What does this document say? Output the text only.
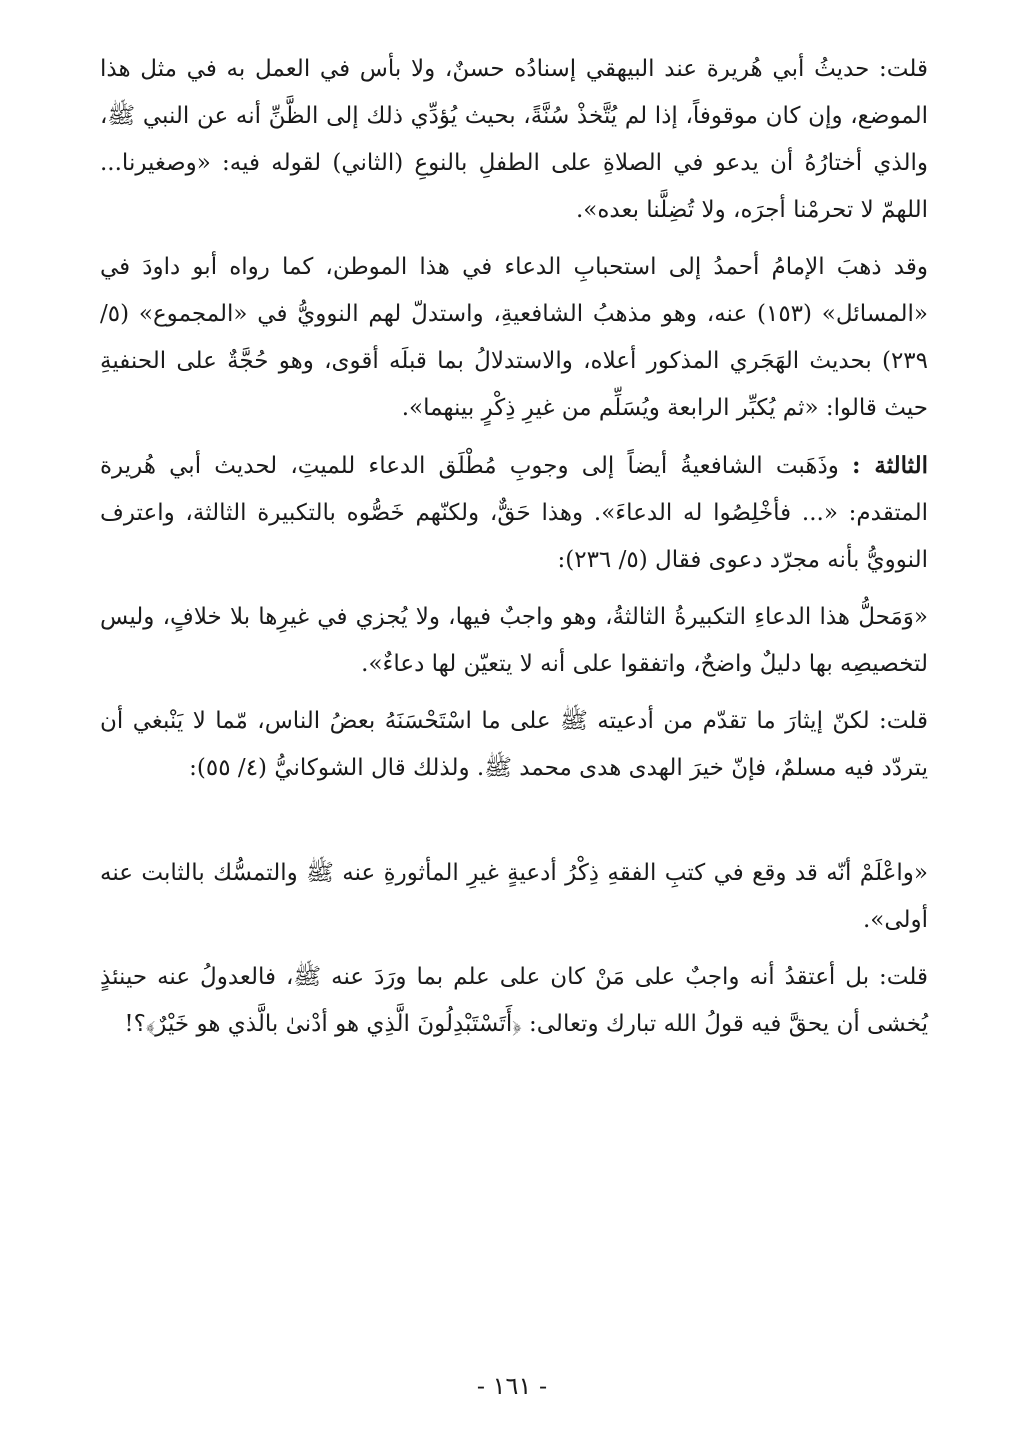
قلت: حديثُ أبي هُريرة عند البيهقي إسنادُه حسنٌ، ولا بأس في العمل به في مثل هذا الموضع، وإن كان موقوفاً، إذا لم يُتَّخذْ سُنَّةً، بحيث يُؤدِّي ذلك إلى الظَّنِّ أنه عن النبي ﷺ، والذي أختارُهُ أن يدعو في الصلاةِ على الطفلِ بالنوعِ (الثاني) لقوله فيه: «وصغيرنا... اللهمّ لا تحرمْنا أجرَه، ولا تُضِلَّنا بعده».

وقد ذهبَ الإمامُ أحمدُ إلى استحبابِ الدعاء في هذا الموطن، كما رواه أبو داودَ في «المسائل» (١٥٣) عنه، وهو مذهبُ الشافعيةِ، واستدلّ لهم النوويُّ في «المجموع» (٥/ ٢٣٩) بحديث الهَجَري المذكور أعلاه، والاستدلالُ بما قبلَه أقوى، وهو حُجَّةٌ على الحنفيةِ حيث قالوا: «ثم يُكبِّر الرابعة ويُسَلِّم من غيرِ ذِكْرٍ بينهما».

الثالثة : وذَهَبت الشافعيةُ أيضاً إلى وجوبِ مُطْلَق الدعاء للميتِ، لحديث أبي هُريرة المتقدم: «... فأخْلِصُوا له الدعاءَ». وهذا حَقٌّ، ولكنّهم خَصُّوه بالتكبيرة الثالثة، واعترف النوويُّ بأنه مجرّد دعوى فقال (٥/ ٢٣٦):

«وَمَحلُّ هذا الدعاءِ التكبيرةُ الثالثةُ، وهو واجبٌ فيها، ولا يُجزي في غيرِها بلا خلافٍ، وليس لتخصيصِه بها دليلٌ واضحٌ، واتفقوا على أنه لا يتعيّن لها دعاءٌ».

قلت: لكنّ إيثارَ ما تقدّم من أدعيته ﷺ على ما اسْتَحْسَنَهُ بعضُ الناس، مّما لا يَنْبغي أن يتردّد فيه مسلمٌ، فإنّ خيرَ الهدى هدى محمد ﷺ. ولذلك قال الشوكانيُّ (٤/ ٥٥):

«واعْلَمْ أنّه قد وقع في كتبِ الفقهِ ذِكْرُ أدعيةٍ غيرِ المأثورةِ عنه ﷺ والتمسُّك بالثابت عنه أولى».

قلت: بل أعتقدُ أنه واجبٌ على مَنْ كان على علم بما ورَدَ عنه ﷺ، فالعدولُ عنه حينئذٍ يُخشى أن يحقَّ فيه قولُ الله تبارك وتعالى: ﴿أَتَسْتَبْدِلُونَ الَّذِي هو أدْنىٰ بالَّذي هو خَيْرٌ﴾؟!

- ١٦١ -
